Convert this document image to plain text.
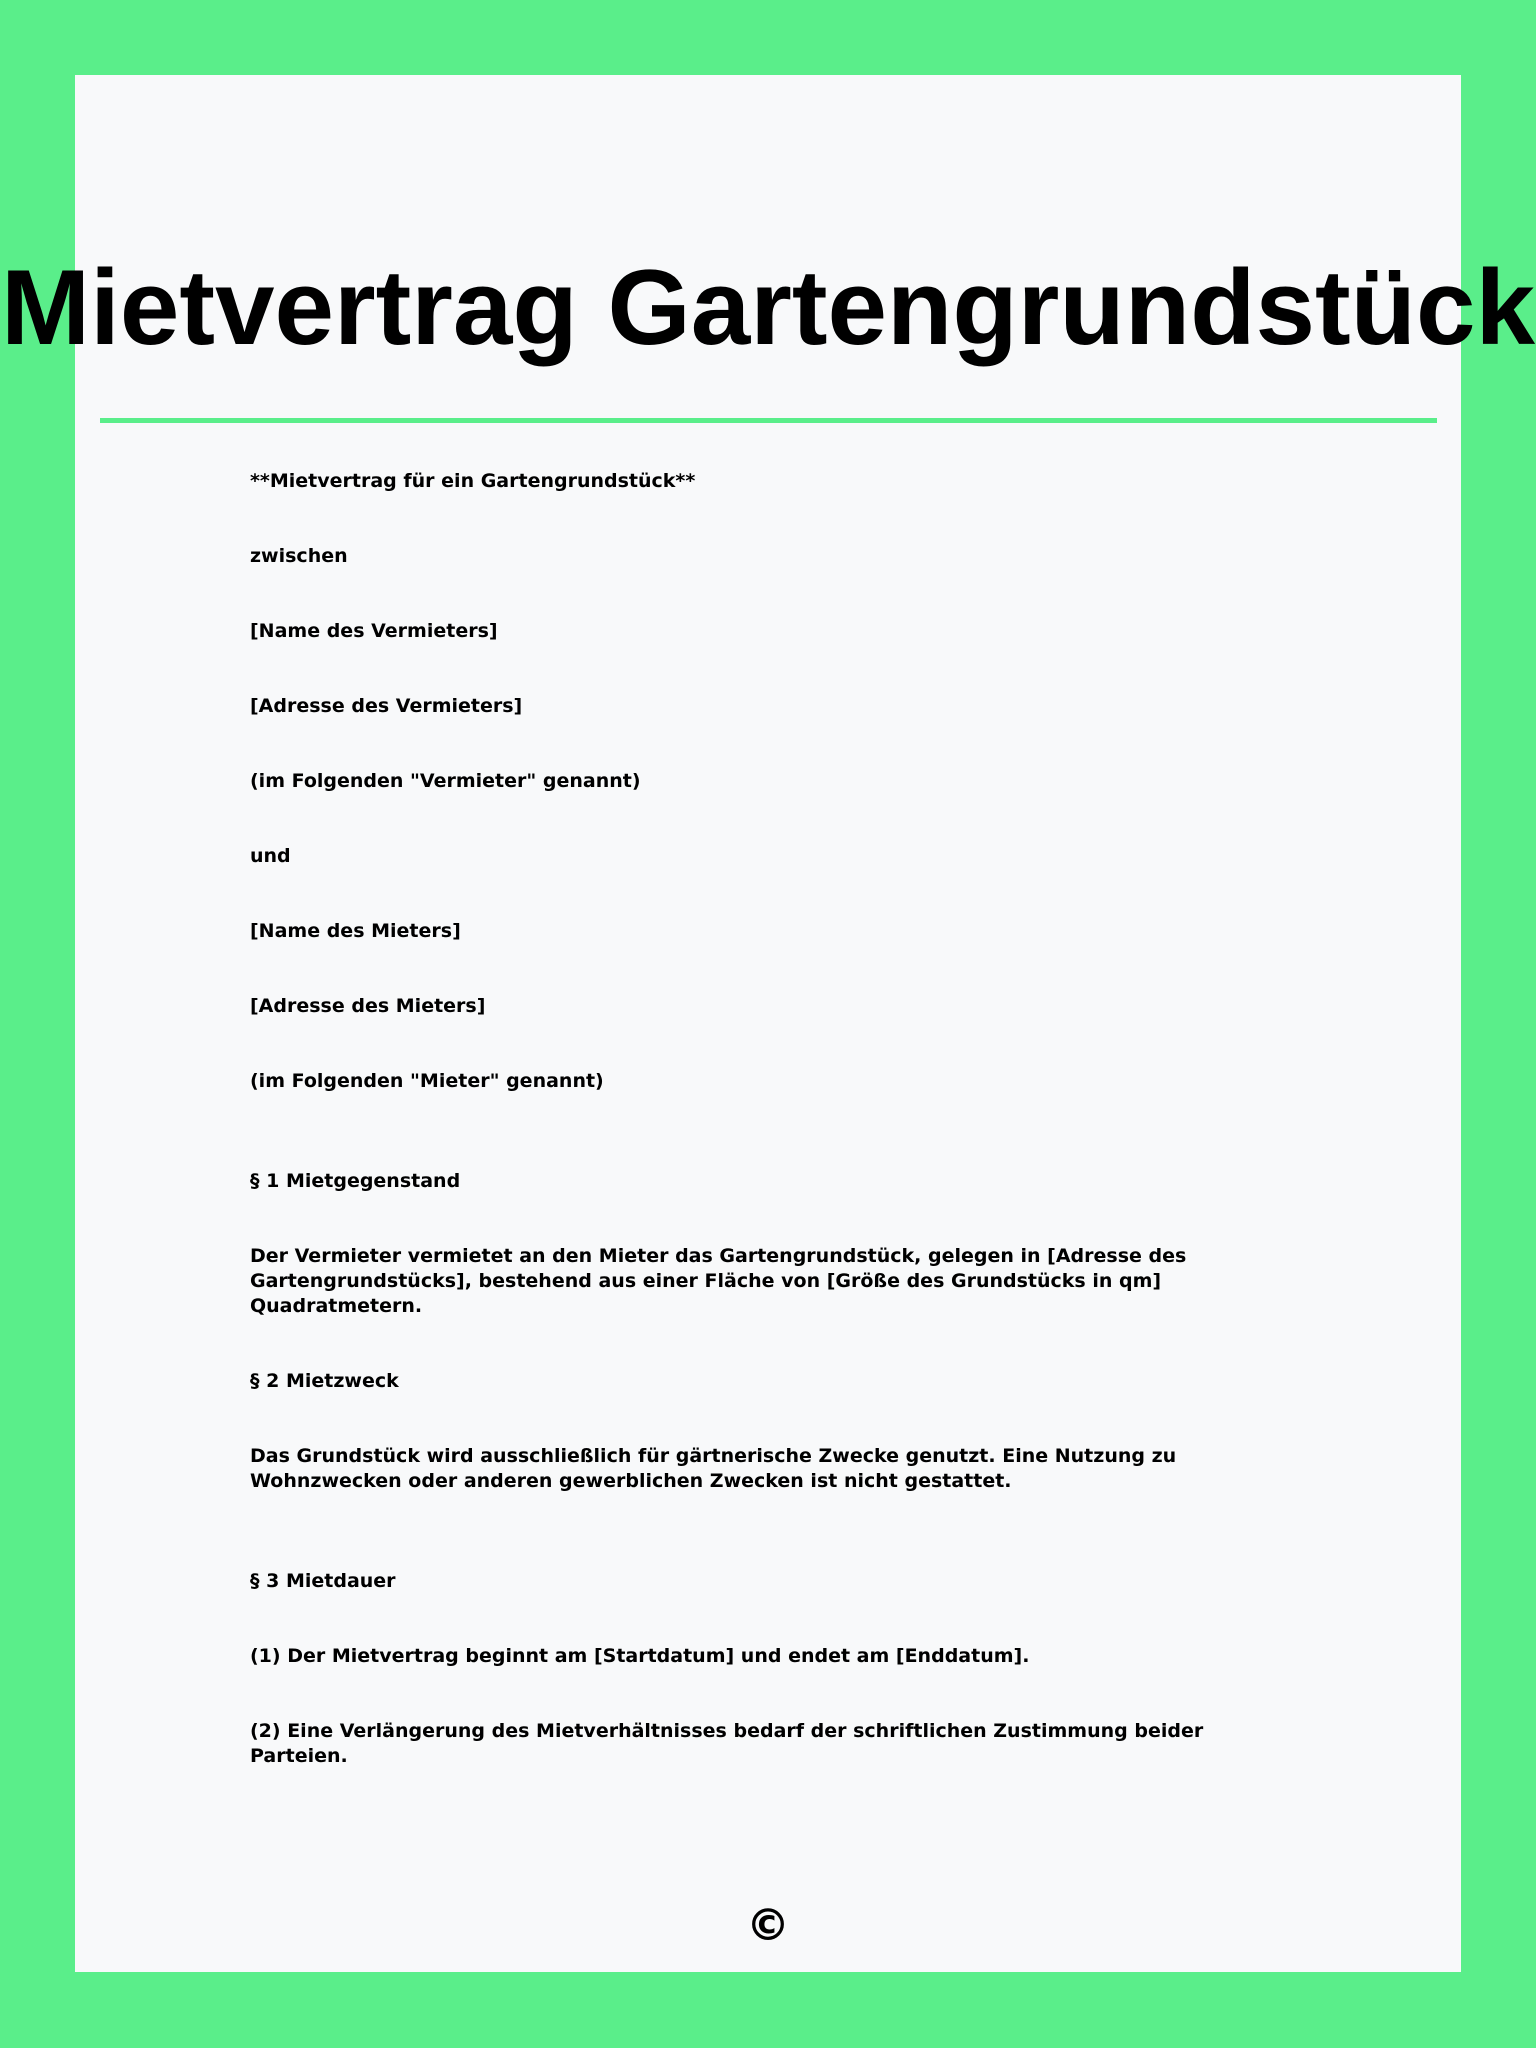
Mietvertrag Gartengrundstück

**Mietvertrag für ein Gartengrundstück**

zwischen

[Name des Vermieters]

[Adresse des Vermieters]

(im Folgenden "Vermieter" genannt)

und

[Name des Mieters]

[Adresse des Mieters]

(im Folgenden "Mieter" genannt)

§ 1 Mietgegenstand

Der Vermieter vermietet an den Mieter das Gartengrundstück, gelegen in [Adresse des Gartengrundstücks], bestehend aus einer Fläche von [Größe des Grundstücks in qm] Quadratmetern.

§ 2 Mietzweck

Das Grundstück wird ausschließlich für gärtnerische Zwecke genutzt. Eine Nutzung zu Wohnzwecken oder anderen gewerblichen Zwecken ist nicht gestattet.

§ 3 Mietdauer

(1) Der Mietvertrag beginnt am [Startdatum] und endet am [Enddatum].

(2) Eine Verlängerung des Mietverhältnisses bedarf der schriftlichen Zustimmung beider Parteien.

©
